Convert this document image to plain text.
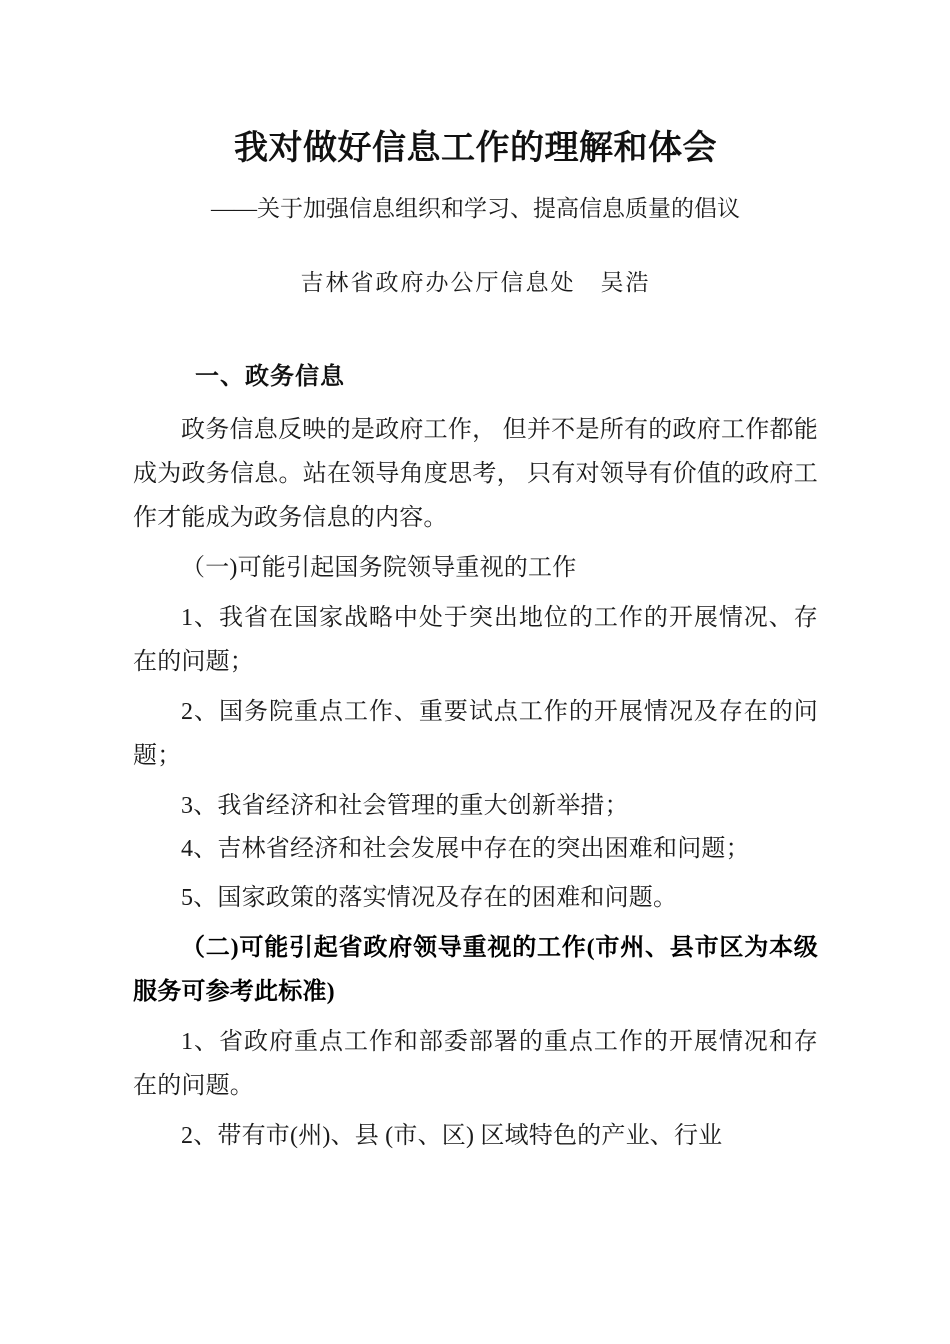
我对做好信息工作的理解和体会

——关于加强信息组织和学习、提高信息质量的倡议

吉林省政府办公厅信息处　吴浩

一、政务信息

政务信息反映的是政府工作， 但并不是所有的政府工作都能成为政务信息。站在领导角度思考， 只有对领导有价值的政府工作才能成为政务信息的内容。

（一)可能引起国务院领导重视的工作

1、我省在国家战略中处于突出地位的工作的开展情况、存在的问题；

2、国务院重点工作、重要试点工作的开展情况及存在的问题；

3、我省经济和社会管理的重大创新举措；

4、吉林省经济和社会发展中存在的突出困难和问题；

5、国家政策的落实情况及存在的困难和问题。

（二)可能引起省政府领导重视的工作(市州、县市区为本级服务可参考此标准)

1、省政府重点工作和部委部署的重点工作的开展情况和存在的问题。

2、带有市(州)、县 (市、区) 区域特色的产业、行业
